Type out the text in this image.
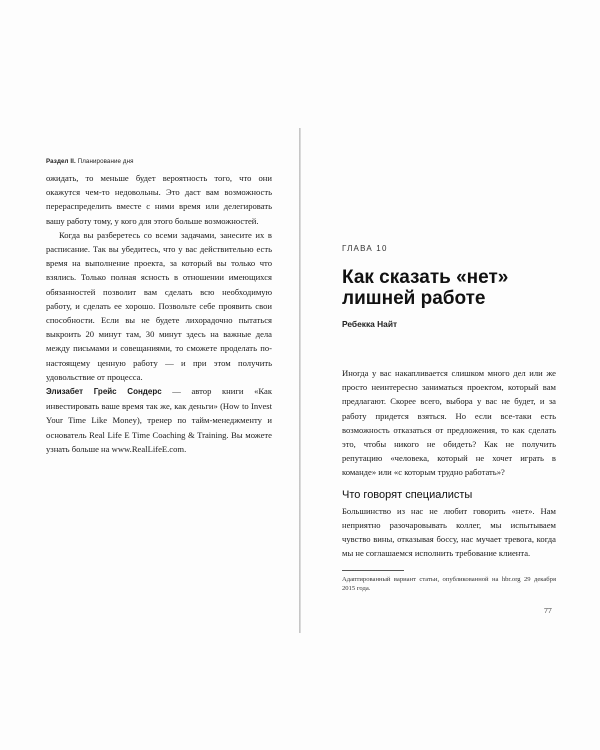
Раздел II. Планирование дня

ожидать, то меньше будет вероятность того, что они окажутся чем-то недовольны. Это даст вам возможность перераспределить вместе с ними время или делегировать вашу работу тому, у кого для этого больше возможностей.

Когда вы разберетесь со всеми задачами, занесите их в расписание. Так вы убедитесь, что у вас действительно есть время на выполнение проекта, за который вы только что взялись. Только полная ясность в отношении имеющихся обязанностей позволит вам сделать всю необходимую работу, и сделать ее хорошо. Позвольте себе проявить свои способности. Если вы не будете лихорадочно пытаться выкроить 20 минут там, 30 минут здесь на важные дела между письмами и совещаниями, то сможете проделать по-настоящему ценную работу — и при этом получить удовольствие от процесса.

Элизабет Грейс Сондерс — автор книги «Как инвестировать ваше время так же, как деньги» (How to Invest Your Time Like Money), тренер по тайм-менеджменту и основатель Real Life E Time Coaching & Training. Вы можете узнать больше на www.RealLifeE.com.

ГЛАВА 10
Как сказать «нет» лишней работе
Ребекка Найт

Иногда у вас накапливается слишком много дел или же просто неинтересно заниматься проектом, который вам предлагают. Скорее всего, выбора у вас не будет, и за работу придется взяться. Но если все-таки есть возможность отказаться от предложения, то как сделать это, чтобы никого не обидеть? Как не получить репутацию «человека, который не хочет играть в команде» или «с которым трудно работать»?

Что говорят специалисты

Большинство из нас не любит говорить «нет». Нам неприятно разочаровывать коллег, мы испытываем чувство вины, отказывая боссу, нас мучает тревога, когда мы не соглашаемся исполнить требование клиента.

Адаптированный вариант статьи, опубликованной на hbr.org 29 декабря 2015 года.
77
